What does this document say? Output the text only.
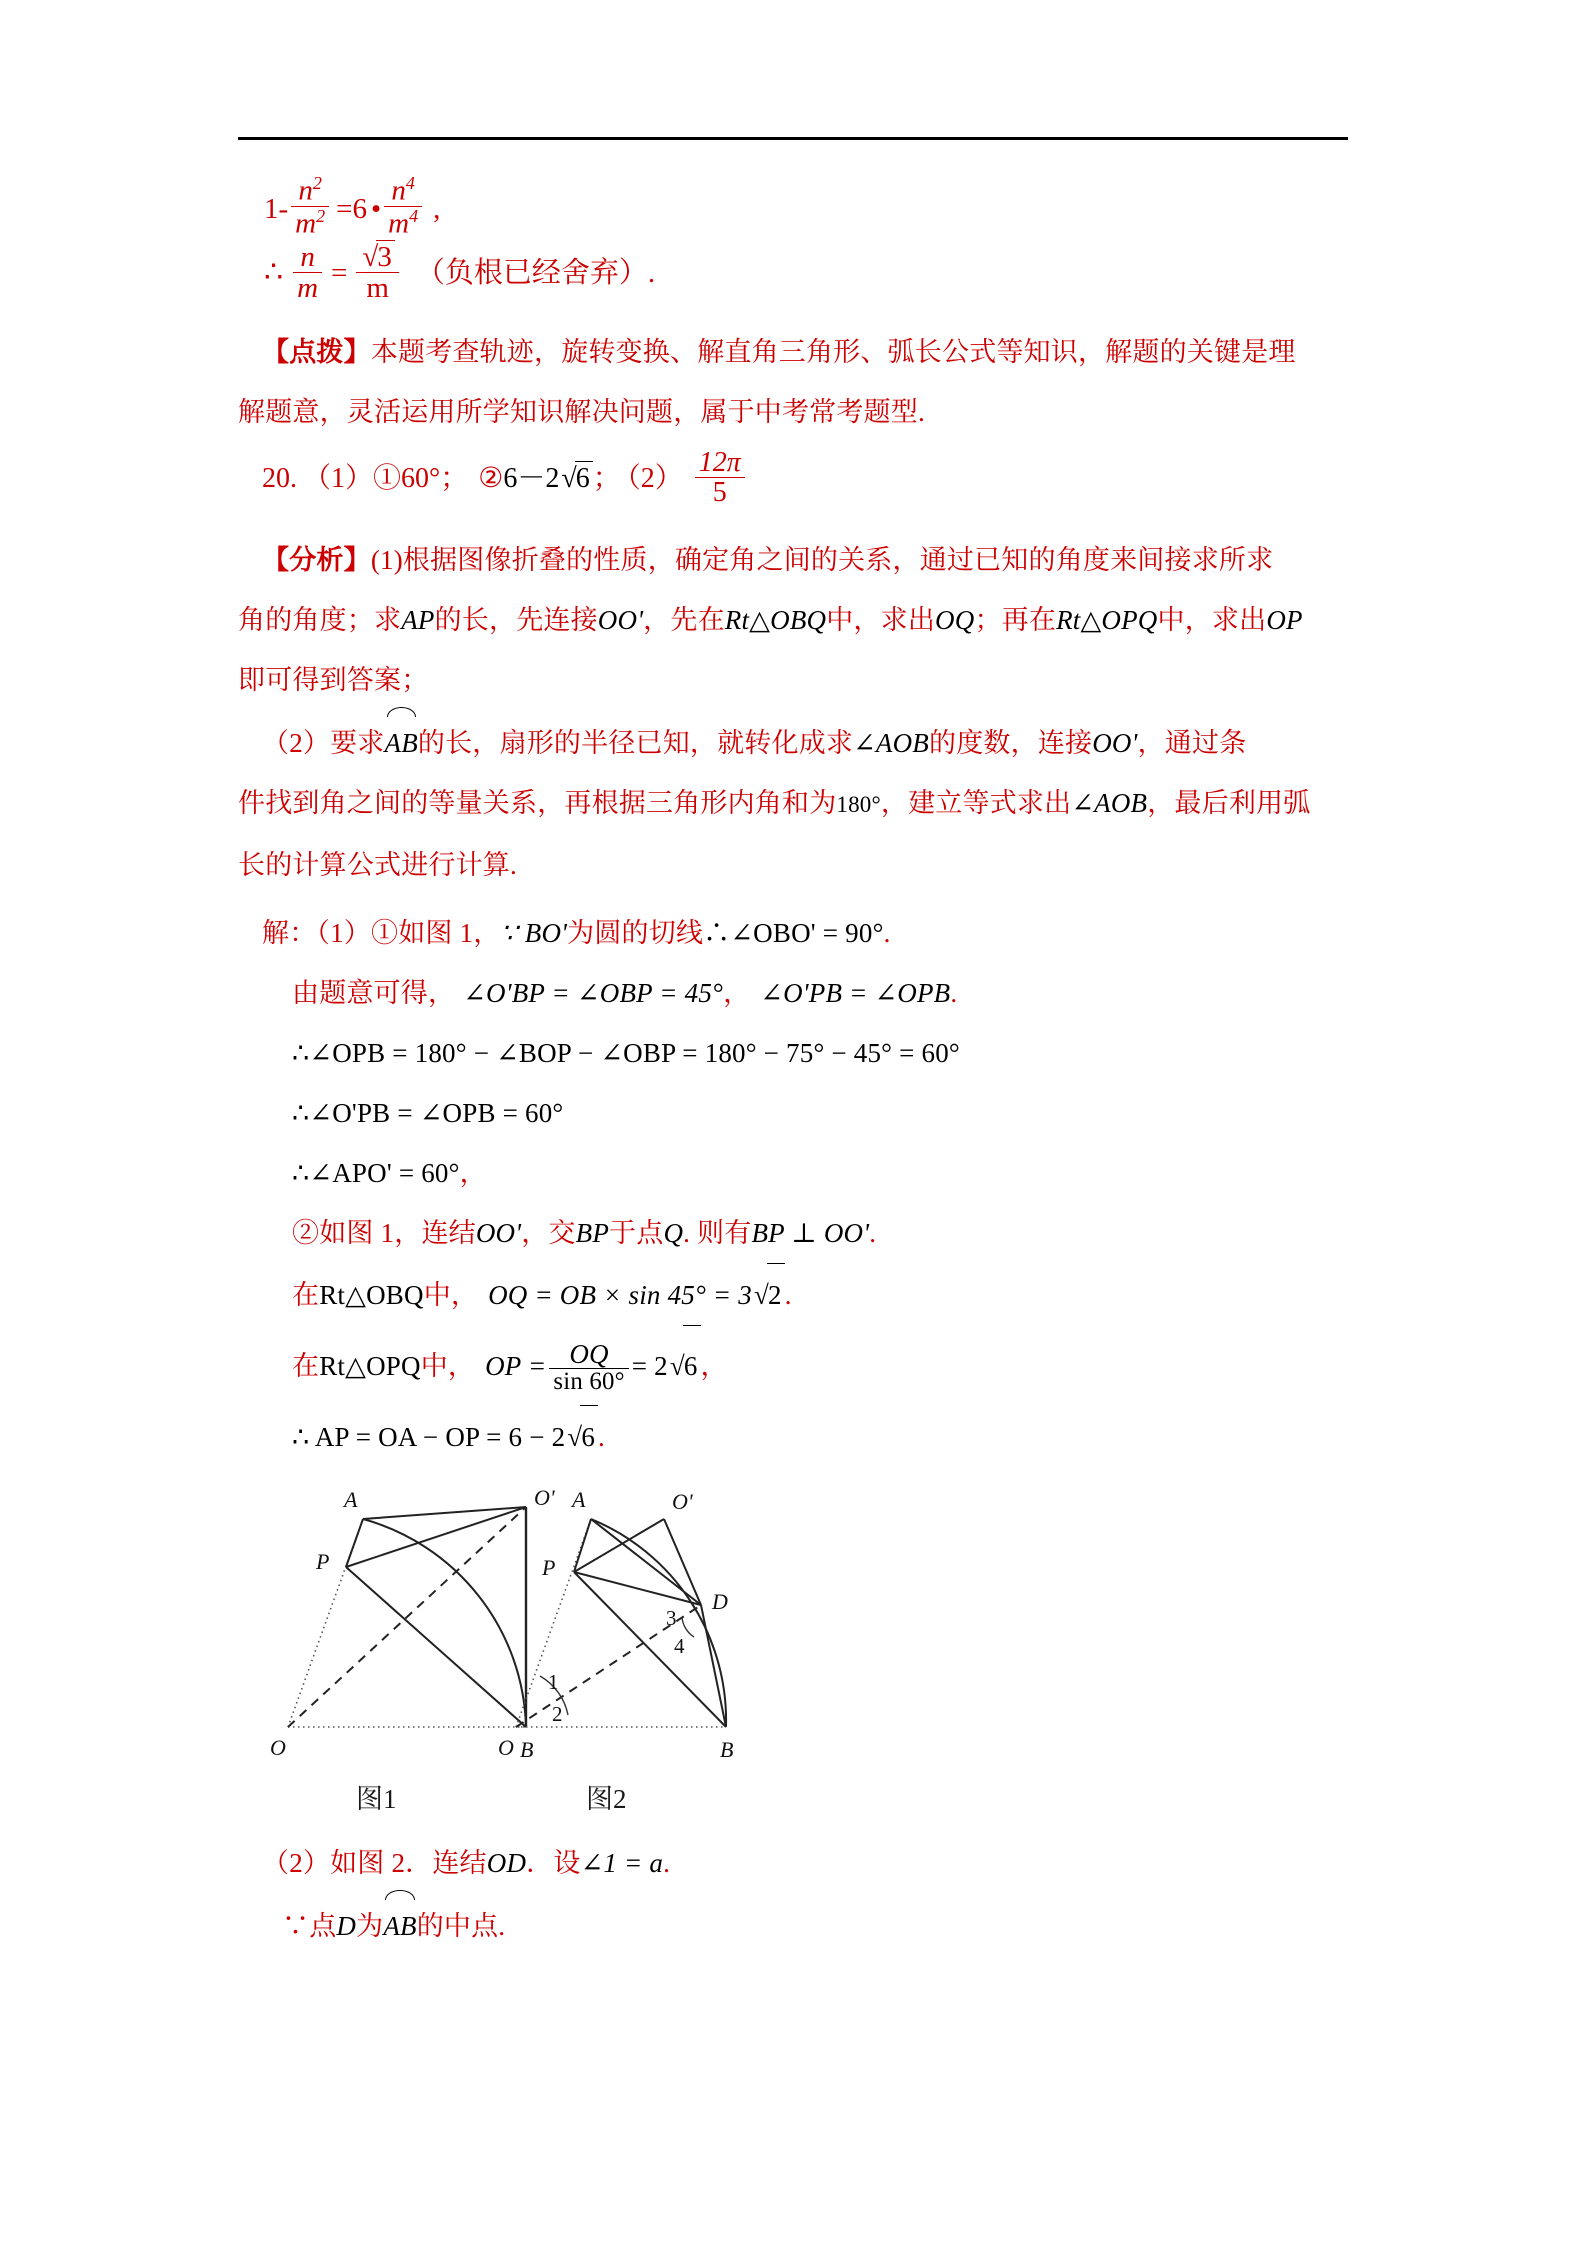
$1- \frac{n^2}{m^2} =6$ • $\frac{n^4}{m^4}$ ,
∴ $\frac{n}{m} = \frac{√3}{m}$ （负根已经舍弃）.
【点拨】本题考查轨迹，旋转变换、解直角三角形、弧长公式等知识，解题的关键是理
解题意，灵活运用所学知识解决问题，属于中考常考题型.
20. （1）①60°； ②6－2√6 ； $(2) \frac{12\pi}{5}$
【分析】(1)根据图像折叠的性质，确定角之间的关系，通过已知的角度来间接求所求
角的角度；求AP的长，先连接OO'，先在Rt△OBQ中，求出OQ；再在Rt△OPQ中，求出OP
即可得到答案；
（2）要求
AB的长，扇形的半径已知，就转化成求∠AOB的度数，连接OO'，通过条
件找到角之间的等量关系，再根据三角形内角和为180°，建立等式求出∠AOB，最后利用弧
长的计算公式进行计算.
解：（1）①如图 1，∵ BO'为圆的切线∴∠OBO' = 90°.
由题意可得， ∠O'BP = ∠OBP = 45°， ∠O'PB = ∠OPB.
∴∠OPB = 180° − ∠BOP − ∠OBP = 180° − 75° − 45° = 60°
∴∠O'PB = ∠OPB = 60°
∴∠APO' = 60°，
②如图 1，连结OO'，交BP于点Q. 则有BP ⊥ OO'.
在Rt△OBQ中， OQ = OB × sin 45° = 3√2 .
在Rt△OPQ中， OP = $\frac{OQ}{\sin 60^\circ} = 2√6$ ，
∴ AP = OA − OP = 6 − 2√6 .
A	O'
P
O	B
A	O'
P
D
O	B
1
2
3
4
图1	图2
（2）如图 2．连结OD．设∠1 = a.
∵点D为
AB的中点.
